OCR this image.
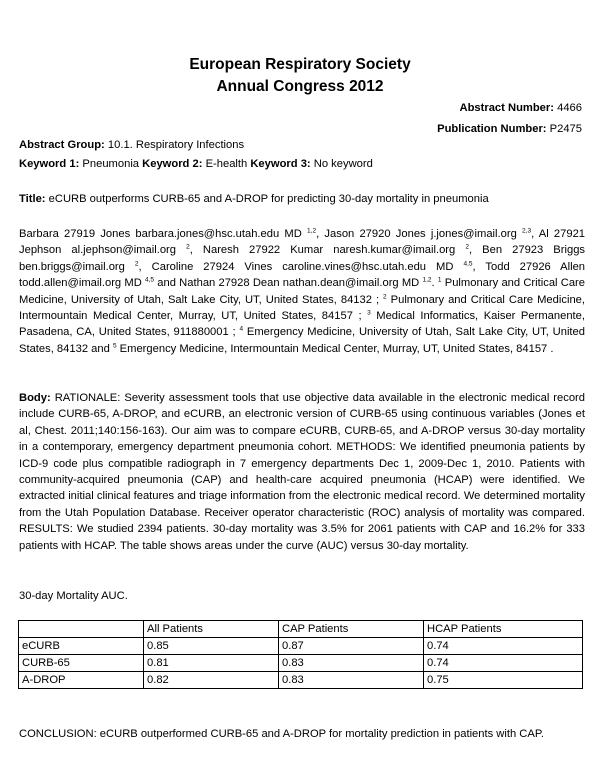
European Respiratory Society
Annual Congress 2012
Abstract Number: 4466
Publication Number: P2475
Abstract Group: 10.1. Respiratory Infections
Keyword 1: Pneumonia Keyword 2: E-health Keyword 3: No keyword
Title: eCURB outperforms CURB-65 and A-DROP for predicting 30-day mortality in pneumonia

Barbara 27919 Jones barbara.jones@hsc.utah.edu MD $^{1,2}$, Jason 27920 Jones j.jones@imail.org $^{2,3}$, Al 27921 Jephson al.jephson@imail.org $^2$, Naresh 27922 Kumar naresh.kumar@imail.org $^2$, Ben 27923 Briggs ben.briggs@imail.org $^2$, Caroline 27924 Vines caroline.vines@hsc.utah.edu MD $^{4,5}$, Todd 27926 Allen todd.allen@imail.org MD $^{4,5}$ and Nathan 27928 Dean nathan.dean@imail.org MD $^{1,2}$. $^1$ Pulmonary and Critical Care Medicine, University of Utah, Salt Lake City, UT, United States, 84132 ; $^2$ Pulmonary and Critical Care Medicine, Intermountain Medical Center, Murray, UT, United States, 84157 ; $^3$ Medical Informatics, Kaiser Permanente, Pasadena, CA, United States, 911880001 ; $^4$ Emergency Medicine, University of Utah, Salt Lake City, UT, United States, 84132 and $^5$ Emergency Medicine, Intermountain Medical Center, Murray, UT, United States, 84157 .

Body: RATIONALE: Severity assessment tools that use objective data available in the electronic medical record include CURB-65, A-DROP, and eCURB, an electronic version of CURB-65 using continuous variables (Jones et al, Chest. 2011;140:156-163). Our aim was to compare eCURB, CURB-65, and A-DROP versus 30-day mortality in a contemporary, emergency department pneumonia cohort. METHODS: We identified pneumonia patients by ICD-9 code plus compatible radiograph in 7 emergency departments Dec 1, 2009-Dec 1, 2010. Patients with community-acquired pneumonia (CAP) and health-care acquired pneumonia (HCAP) were identified. We extracted initial clinical features and triage information from the electronic medical record. We determined mortality from the Utah Population Database. Receiver operator characteristic (ROC) analysis of mortality was compared. RESULTS: We studied 2394 patients. 30-day mortality was 3.5% for 2061 patients with CAP and 16.2% for 333 patients with HCAP. The table shows areas under the curve (AUC) versus 30-day mortality.

30-day Mortality AUC.
	All Patients	CAP Patients	HCAP Patients
eCURB	0.85	0.87	0.74
CURB-65	0.81	0.83	0.74
A-DROP	0.82	0.83	0.75
CONCLUSION: eCURB outperformed CURB-65 and A-DROP for mortality prediction in patients with CAP.
